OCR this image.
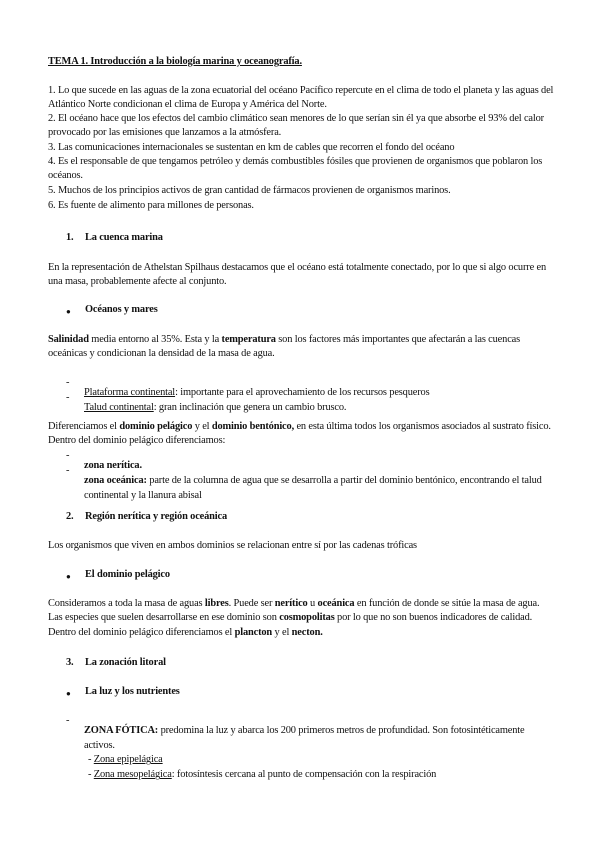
TEMA 1. Introducción a la biología marina y oceanografía.

1. Lo que sucede en las aguas de la zona ecuatorial del océano Pacífico repercute en el clima de todo el planeta y las aguas del Atlántico Norte condicionan el clima de Europa y América del Norte.

2. El océano hace que los efectos del cambio climático sean menores de lo que serían sin él ya que absorbe el 93% del calor provocado por las emisiones que lanzamos a la atmósfera.

3. Las comunicaciones internacionales se sustentan en km de cables que recorren el fondo del océano

4. Es el responsable de que tengamos petróleo y demás combustibles fósiles que provienen de organismos que poblaron los océanos.

5. Muchos de los principios activos de gran cantidad de fármacos provienen de organismos marinos.

6. Es fuente de alimento para millones de personas.

1. La cuenca marina

En la representación de Athelstan Spilhaus destacamos que el océano está totalmente conectado, por lo que si algo ocurre en una masa, probablemente afecte al conjunto.

● Océanos y mares

Salinidad media entorno al 35%. Esta y la temperatura son los factores más importantes que afectarán a las cuencas oceánicas y condicionan la densidad de la masa de agua.

-

Plataforma continental: importante para el aprovechamiento de los recursos pesqueros

-

Talud continental: gran inclinación que genera un cambio brusco.

Diferenciamos el dominio pelágico y el dominio bentónico, en esta última todos los organismos asociados al sustrato físico. Dentro del dominio pelágico diferenciamos:

-

zona nerítica.

-

zona oceánica: parte de la columna de agua que se desarrolla a partir del dominio bentónico, encontrando el talud continental y la llanura abisal

2. Región nerítica y región oceánica

Los organismos que viven en ambos dominios se relacionan entre sí por las cadenas tróficas

● El dominio pelágico

Consideramos a toda la masa de aguas libres. Puede ser nerítico u oceánica en función de donde se sitúe la masa de agua. Las especies que suelen desarrollarse en ese dominio son cosmopolitas por lo que no son buenos indicadores de calidad. Dentro del dominio pelágico diferenciamos el plancton y el necton.

3. La zonación litoral
● La luz y los nutrientes
-

ZONA FÓTICA: predomina la luz y abarca los 200 primeros metros de profundidad. Son fotosintéticamente activos.

- Zona epipelágica

- Zona mesopelágica: fotosíntesis cercana al punto de compensación con la respiración
